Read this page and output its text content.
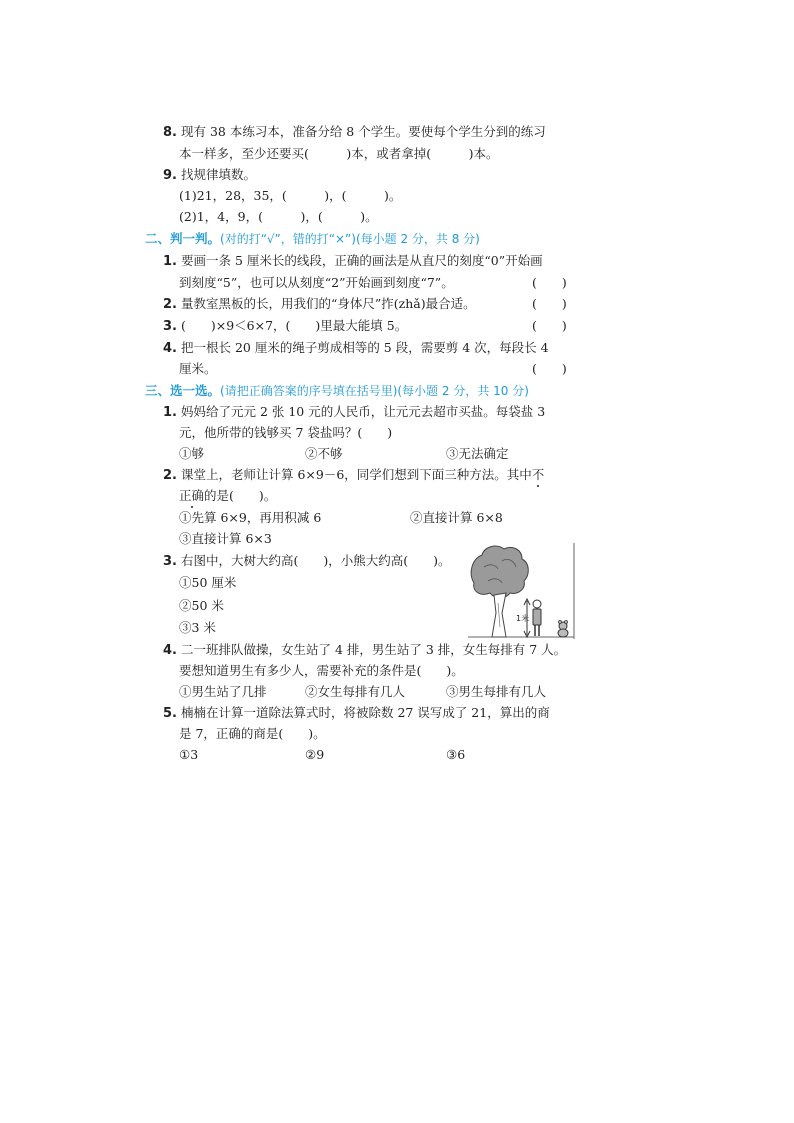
8. 现有 38 本练习本，准备分给 8 个学生。要使每个学生分到的练习
本一样多，至少还要买(　　　)本，或者拿掉(　　　)本。
9. 找规律填数。
(1)21，28，35，(　　　)，(　　　)。
(2)1，4，9，(　　　)，(　　　)。
二、判一判。(对的打“√”，错的打“×”)(每小题 2 分，共 8 分)
1. 要画一条 5 厘米长的线段，正确的画法是从直尺的刻度“0”开始画
到刻度“5”，也可以从刻度“2”开始画到刻度“7”。	(　　)
2. 量教室黑板的长，用我们的“身体尺”拃(zhǎ)最合适。	(　　)
3. (　　)×9＜6×7，(　　)里最大能填 5。	(　　)
4. 把一根长 20 厘米的绳子剪成相等的 5 段，需要剪 4 次，每段长 4
厘米。	(　　)
三、选一选。(请把正确答案的序号填在括号里)(每小题 2 分，共 10 分)
1. 妈妈给了元元 2 张 10 元的人民币，让元元去超市买盐。每袋盐 3
元，他所带的钱够买 7 袋盐吗？(　　)
①够	②不够	③无法确定
2. 课堂上，老师让计算 6×9－6，同学们想到下面三种方法。其中不
正确的是(　　)。
①先算 6×9，再用积减 6	②直接计算 6×8
③直接计算 6×3
3. 右图中，大树大约高(　　)，小熊大约高(　　)。
①50 厘米
②50 米
③3 米
1米
4. 二一班排队做操，女生站了 4 排，男生站了 3 排，女生每排有 7 人。
要想知道男生有多少人，需要补充的条件是(　　)。
①男生站了几排	②女生每排有几人	③男生每排有几人
5. 楠楠在计算一道除法算式时，将被除数 27 误写成了 21，算出的商
是 7，正确的商是(　　)。
①3	②9	③6
